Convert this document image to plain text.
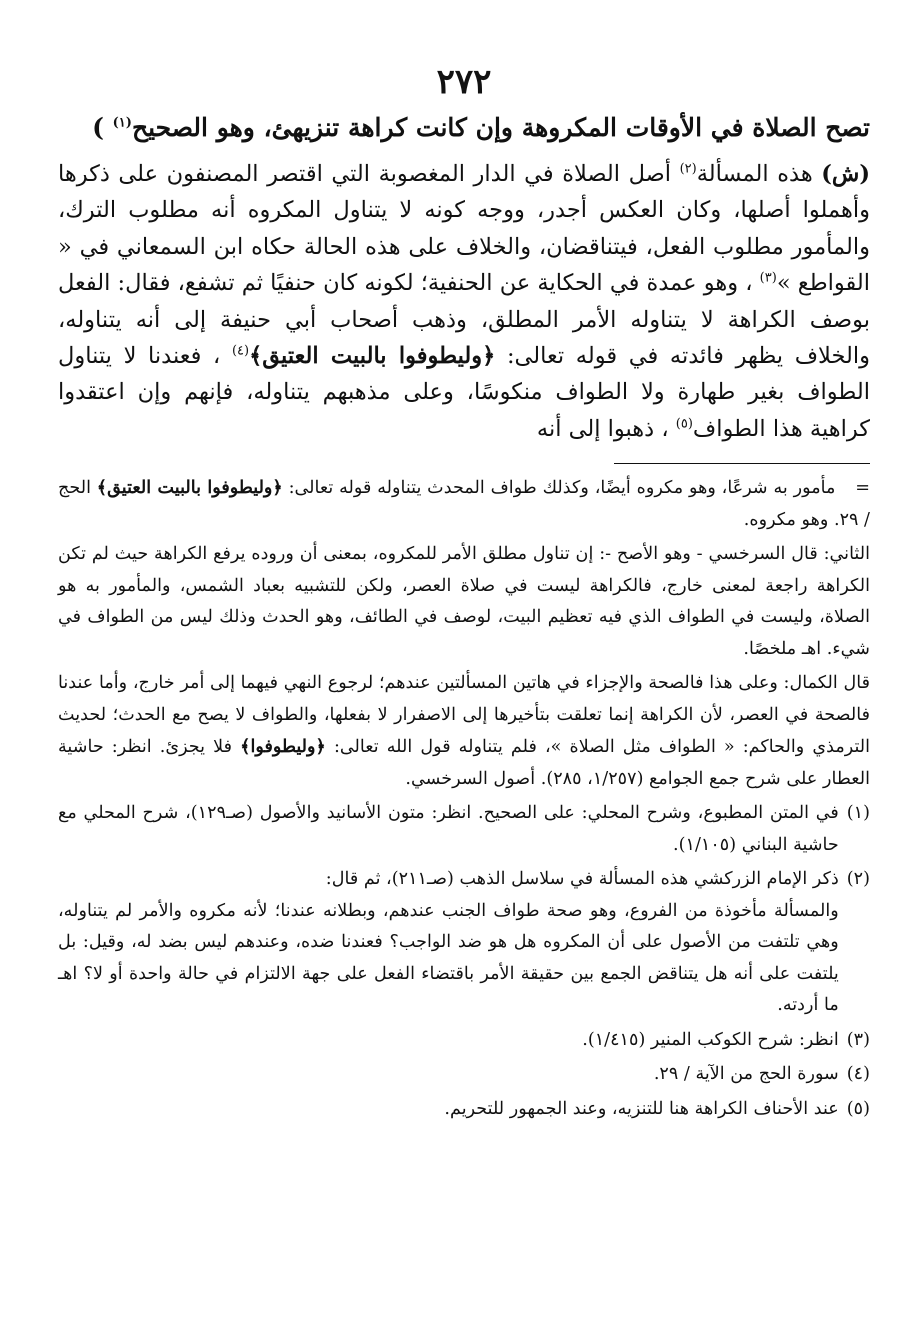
٢٧٢
تصح الصلاة في الأوقات المكروهة وإن كانت كراهة تنزيهئ، وهو الصحيح$^{(١)}$ )

(ش) هذه المسألة$^{(٢)}$ أصل الصلاة في الدار المغصوبة التي اقتصر المصنفون على ذكرها وأهملوا أصلها، وكان العكس أجدر، ووجه كونه لا يتناول المكروه أنه مطلوب الترك، والمأمور مطلوب الفعل، فيتناقضان، والخلاف على هذه الحالة حكاه ابن السمعاني في « القواطع »$^{(٣)}$ ، وهو عمدة في الحكاية عن الحنفية؛ لكونه كان حنفيًا ثم تشفع، فقال: الفعل بوصف الكراهة لا يتناوله الأمر المطلق، وذهب أصحاب أبي حنيفة إلى أنه يتناوله، والخلاف يظهر فائدته في قوله تعالى: ﴿وليطوفوا بالبيت العتيق﴾$^{(٤)}$ ، فعندنا لا يتناول الطواف بغير طهارة ولا الطواف منكوسًا، وعلى مذهبهم يتناوله، فإنهم وإن اعتقدوا كراهية هذا الطواف$^{(٥)}$ ، ذهبوا إلى أنه

= مأمور به شرعًا، وهو مكروه أيضًا، وكذلك طواف المحدث يتناوله قوله تعالى: ﴿وليطوفوا بالبيت العتيق﴾ الحج / ٢٩. وهو مكروه.

الثاني: قال السرخسي - وهو الأصح -: إن تناول مطلق الأمر للمكروه، بمعنى أن وروده يرفع الكراهة حيث لم تكن الكراهة راجعة لمعنى خارج، فالكراهة ليست في صلاة العصر، ولكن للتشبيه بعباد الشمس، والمأمور به هو الصلاة، وليست في الطواف الذي فيه تعظيم البيت، لوصف في الطائف، وهو الحدث وذلك ليس من الطواف في شيء. اهـ ملخصًا.

قال الكمال: وعلى هذا فالصحة والإجزاء في هاتين المسألتين عندهم؛ لرجوع النهي فيهما إلى أمر خارج، وأما عندنا فالصحة في العصر، لأن الكراهة إنما تعلقت بتأخيرها إلى الاصفرار لا بفعلها، والطواف لا يصح مع الحدث؛ لحديث الترمذي والحاكم: « الطواف مثل الصلاة »، فلم يتناوله قول الله تعالى: ﴿وليطوفوا﴾ فلا يجزئ. انظر: حاشية العطار على شرح جمع الجوامع (١/٢٥٧، ٢٨٥). أصول السرخسي.

(١)

في المتن المطبوع، وشرح المحلي: على الصحيح. انظر: متون الأسانيد والأصول (صـ١٢٩)، شرح المحلي مع حاشية البناني (١/١٠٥).

(٢)

ذكر الإمام الزركشي هذه المسألة في سلاسل الذهب (صـ٢١١)، ثم قال:

والمسألة مأخوذة من الفروع، وهو صحة طواف الجنب عندهم، وبطلانه عندنا؛ لأنه مكروه والأمر لم يتناوله، وهي تلتفت من الأصول على أن المكروه هل هو ضد الواجب؟ فعندنا ضده، وعندهم ليس بضد له، وقيل: بل يلتفت على أنه هل يتناقض الجمع بين حقيقة الأمر باقتضاء الفعل على جهة الالتزام في حالة واحدة أو لا؟ اهـ ما أردته.

(٣)

انظر: شرح الكوكب المنير (١/٤١٥).

(٤)

سورة الحج من الآية / ٢٩.

(٥)

عند الأحناف الكراهة هنا للتنزيه، وعند الجمهور للتحريم.
